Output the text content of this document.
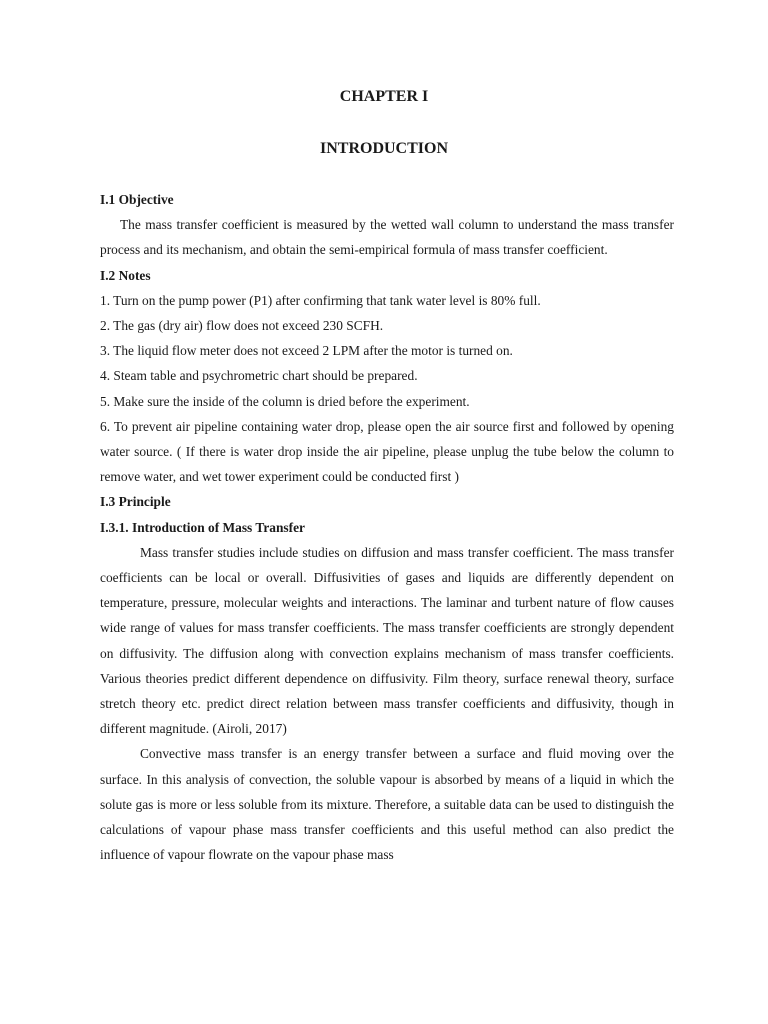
CHAPTER I
INTRODUCTION

I.1 Objective

The mass transfer coefficient is measured by the wetted wall column to understand the mass transfer process and its mechanism, and obtain the semi-empirical formula of mass transfer coefficient.

I.2 Notes

1. Turn on the pump power (P1) after confirming that tank water level is 80% full.

2. The gas (dry air) flow does not exceed 230 SCFH.

3. The liquid flow meter does not exceed 2 LPM after the motor is turned on.

4. Steam table and psychrometric chart should be prepared.

5. Make sure the inside of the column is dried before the experiment.

6. To prevent air pipeline containing water drop, please open the air source first and followed by opening water source. ( If there is water drop inside the air pipeline, please unplug the tube below the column to remove water, and wet tower experiment could be conducted first )

I.3 Principle

I.3.1. Introduction of Mass Transfer

Mass transfer studies include studies on diffusion and mass transfer coefficient. The mass transfer coefficients can be local or overall. Diffusivities of gases and liquids are differently dependent on temperature, pressure, molecular weights and interactions. The laminar and turbent nature of flow causes wide range of values for mass transfer coefficients. The mass transfer coefficients are strongly dependent on diffusivity. The diffusion along with convection explains mechanism of mass transfer coefficients. Various theories predict different dependence on diffusivity. Film theory, surface renewal theory, surface stretch theory etc. predict direct relation between mass transfer coefficients and diffusivity, though in different magnitude. (Airoli, 2017)

Convective mass transfer is an energy transfer between a surface and fluid moving over the surface. In this analysis of convection, the soluble vapour is absorbed by means of a liquid in which the solute gas is more or less soluble from its mixture. Therefore, a suitable data can be used to distinguish the calculations of vapour phase mass transfer coefficients and this useful method can also predict the influence of vapour flowrate on the vapour phase mass
